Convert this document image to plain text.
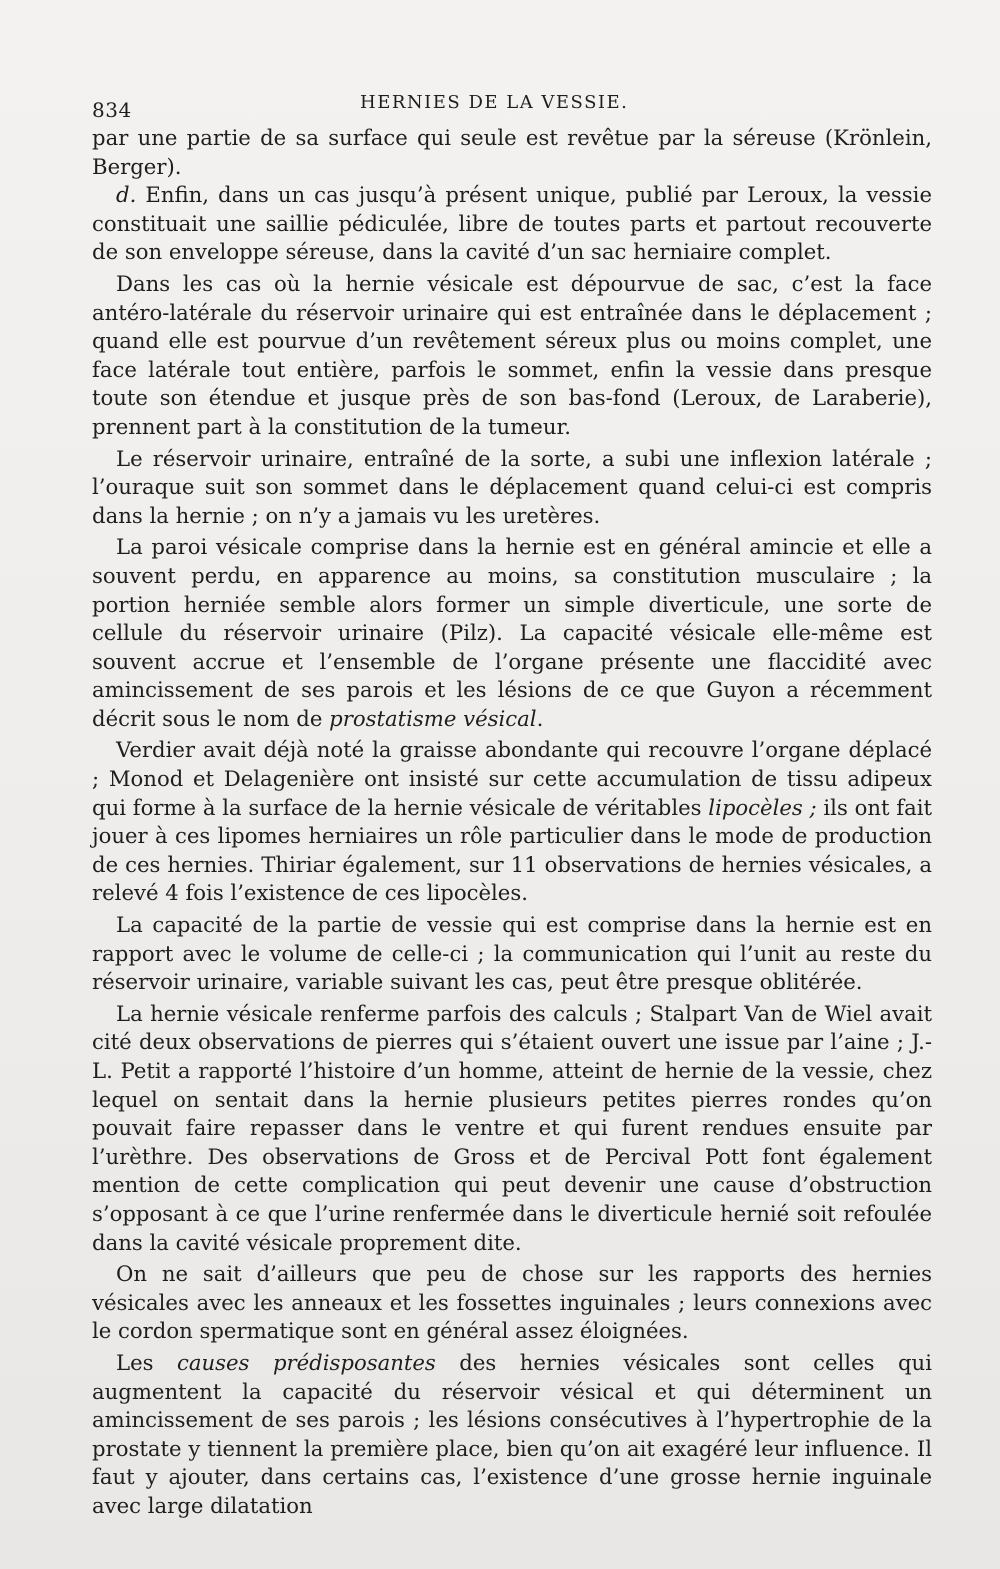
834	HERNIES DE LA VESSIE.

par une partie de sa surface qui seule est revêtue par la séreuse (Krönlein, Berger).

d. Enfin, dans un cas jusqu’à présent unique, publié par Leroux, la vessie constituait une saillie pédiculée, libre de toutes parts et partout recouverte de son enveloppe séreuse, dans la cavité d’un sac herniaire complet.

Dans les cas où la hernie vésicale est dépourvue de sac, c’est la face antéro-latérale du réservoir urinaire qui est entraînée dans le déplacement ; quand elle est pourvue d’un revêtement séreux plus ou moins complet, une face latérale tout entière, parfois le sommet, enfin la vessie dans presque toute son étendue et jusque près de son bas-fond (Leroux, de Laraberie), prennent part à la constitution de la tumeur.

Le réservoir urinaire, entraîné de la sorte, a subi une inflexion latérale ; l’ouraque suit son sommet dans le déplacement quand celui-ci est compris dans la hernie ; on n’y a jamais vu les uretères.

La paroi vésicale comprise dans la hernie est en général amincie et elle a souvent perdu, en apparence au moins, sa constitution musculaire ; la portion herniée semble alors former un simple diverticule, une sorte de cellule du réservoir urinaire (Pilz). La capacité vésicale elle-même est souvent accrue et l’ensemble de l’organe présente une flaccidité avec amincissement de ses parois et les lésions de ce que Guyon a récemment décrit sous le nom de prostatisme vésical.

Verdier avait déjà noté la graisse abondante qui recouvre l’organe déplacé ; Monod et Delagenière ont insisté sur cette accumulation de tissu adipeux qui forme à la surface de la hernie vésicale de véritables lipocèles ; ils ont fait jouer à ces lipomes herniaires un rôle particulier dans le mode de production de ces hernies. Thiriar également, sur 11 observations de hernies vésicales, a relevé 4 fois l’existence de ces lipocèles.

La capacité de la partie de vessie qui est comprise dans la hernie est en rapport avec le volume de celle-ci ; la communication qui l’unit au reste du réservoir urinaire, variable suivant les cas, peut être presque oblitérée.

La hernie vésicale renferme parfois des calculs ; Stalpart Van de Wiel avait cité deux observations de pierres qui s’étaient ouvert une issue par l’aine ; J.-L. Petit a rapporté l’histoire d’un homme, atteint de hernie de la vessie, chez lequel on sentait dans la hernie plusieurs petites pierres rondes qu’on pouvait faire repasser dans le ventre et qui furent rendues ensuite par l’urèthre. Des observations de Gross et de Percival Pott font également mention de cette complication qui peut devenir une cause d’obstruction s’opposant à ce que l’urine renfermée dans le diverticule hernié soit refoulée dans la cavité vésicale proprement dite.

On ne sait d’ailleurs que peu de chose sur les rapports des hernies vésicales avec les anneaux et les fossettes inguinales ; leurs connexions avec le cordon spermatique sont en général assez éloignées.

Les causes prédisposantes des hernies vésicales sont celles qui augmentent la capacité du réservoir vésical et qui déterminent un amincissement de ses parois ; les lésions consécutives à l’hypertrophie de la prostate y tiennent la première place, bien qu’on ait exagéré leur influence. Il faut y ajouter, dans certains cas, l’existence d’une grosse hernie inguinale avec large dilatation
